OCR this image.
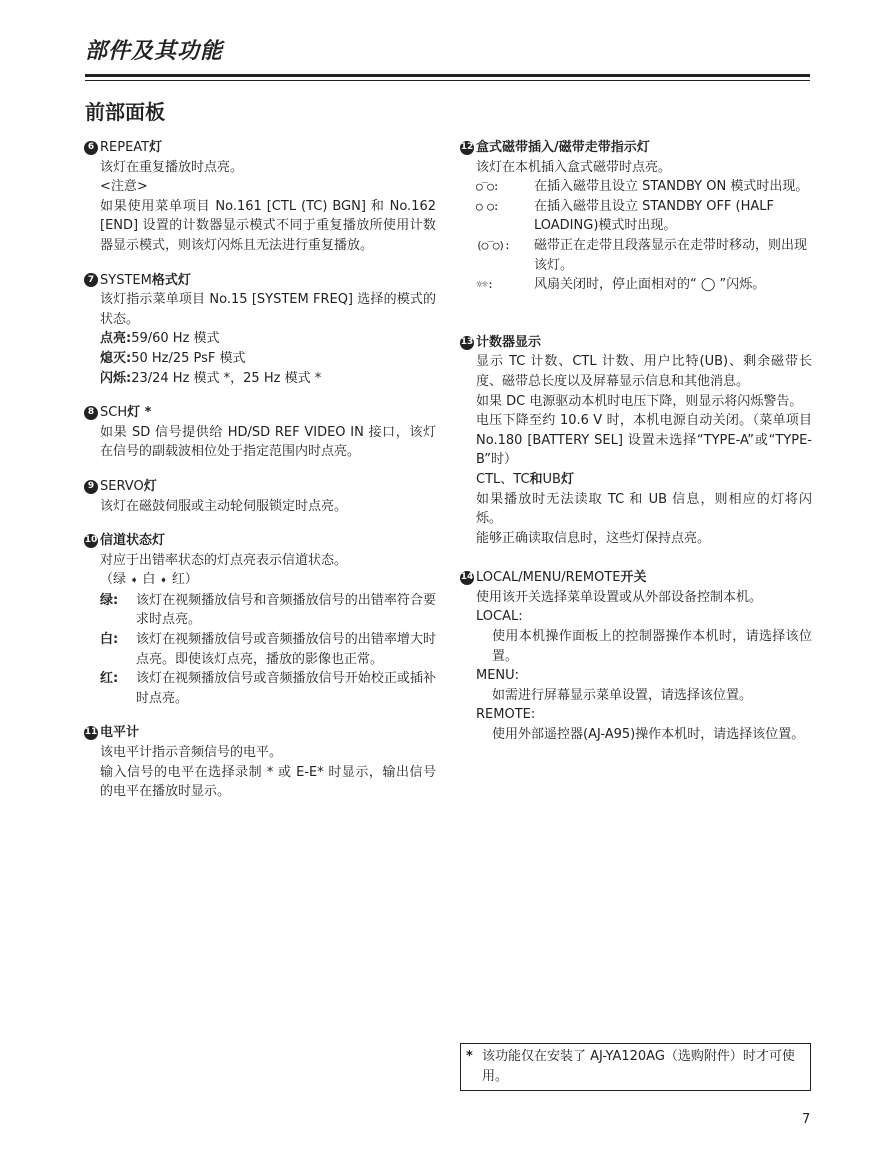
部件及其功能
前部面板
6 REPEAT 灯
该灯在重复播放时点亮。
<注意>
如果使用菜单项目 No.161 [CTL (TC) BGN] 和 No.162 [END] 设置的计数器显示模式不同于重复播放所使用计数器显示模式，则该灯闪烁且无法进行重复播放。
7 SYSTEM 格式灯
该灯指示菜单项目 No.15 [SYSTEM FREQ] 选择的模式的状态。
点亮: 59/60 Hz 模式
熄灭: 50 Hz/25 PsF 模式
闪烁: 23/24 Hz 模式 *，25 Hz 模式 *
8 SCH 灯 *
如果 SD 信号提供给 HD/SD REF VIDEO IN 接口，该灯在信号的副载波相位处于指定范围内时点亮。
9 SERVO 灯
该灯在磁鼓伺服或主动轮伺服锁定时点亮。
10 信道状态灯
对应于出错率状态的灯点亮表示信道状态。
（绿 ➧ 白 ➧ 红）
绿:	该灯在视频播放信号和音频播放信号的出错率符合要求时点亮。
白:	该灯在视频播放信号或音频播放信号的出错率增大时点亮。即使该灯点亮，播放的影像也正常。
红:	该灯在视频播放信号或音频播放信号开始校正或插补时点亮。
11 电平计
该电平计指示音频信号的电平。
输入信号的电平在选择录制 * 或 E-E* 时显示，输出信号的电平在播放时显示。
12 盒式磁带插入/磁带走带指示灯
该灯在本机插入盒式磁带时点亮。
◯‾◯:	在插入磁带且设立 STANDBY ON 模式时出现。
◯ ◯:	在插入磁带且设立 STANDBY OFF (HALF LOADING)模式时出现。
(◯‾◯):	磁带正在走带且段落显示在走带时移动，则出现该灯。
☼☼:	风扇关闭时，停止面相对的“ ◯ ”闪烁。
13 计数器显示
显示 TC 计数、CTL 计数、用户比特(UB)、剩余磁带长度、磁带总长度以及屏幕显示信息和其他消息。
如果 DC 电源驱动本机时电压下降，则显示将闪烁警告。
电压下降至约 10.6 V 时，本机电源自动关闭。（菜单项目 No.180 [BATTERY SEL] 设置未选择“TYPE-A”或“TYPE-B”时）
CTL、TC和UB灯
如果播放时无法读取 TC 和 UB 信息，则相应的灯将闪烁。
能够正确读取信息时，这些灯保持点亮。
14 LOCAL/MENU/REMOTE 开关
使用该开关选择菜单设置或从外部设备控制本机。
LOCAL:
使用本机操作面板上的控制器操作本机时，请选择该位置。
MENU:
如需进行屏幕显示菜单设置，请选择该位置。
REMOTE:
使用外部遥控器(AJ-A95)操作本机时，请选择该位置。
* 该功能仅在安装了 AJ-YA120AG（选购附件）时才可使用。
7
